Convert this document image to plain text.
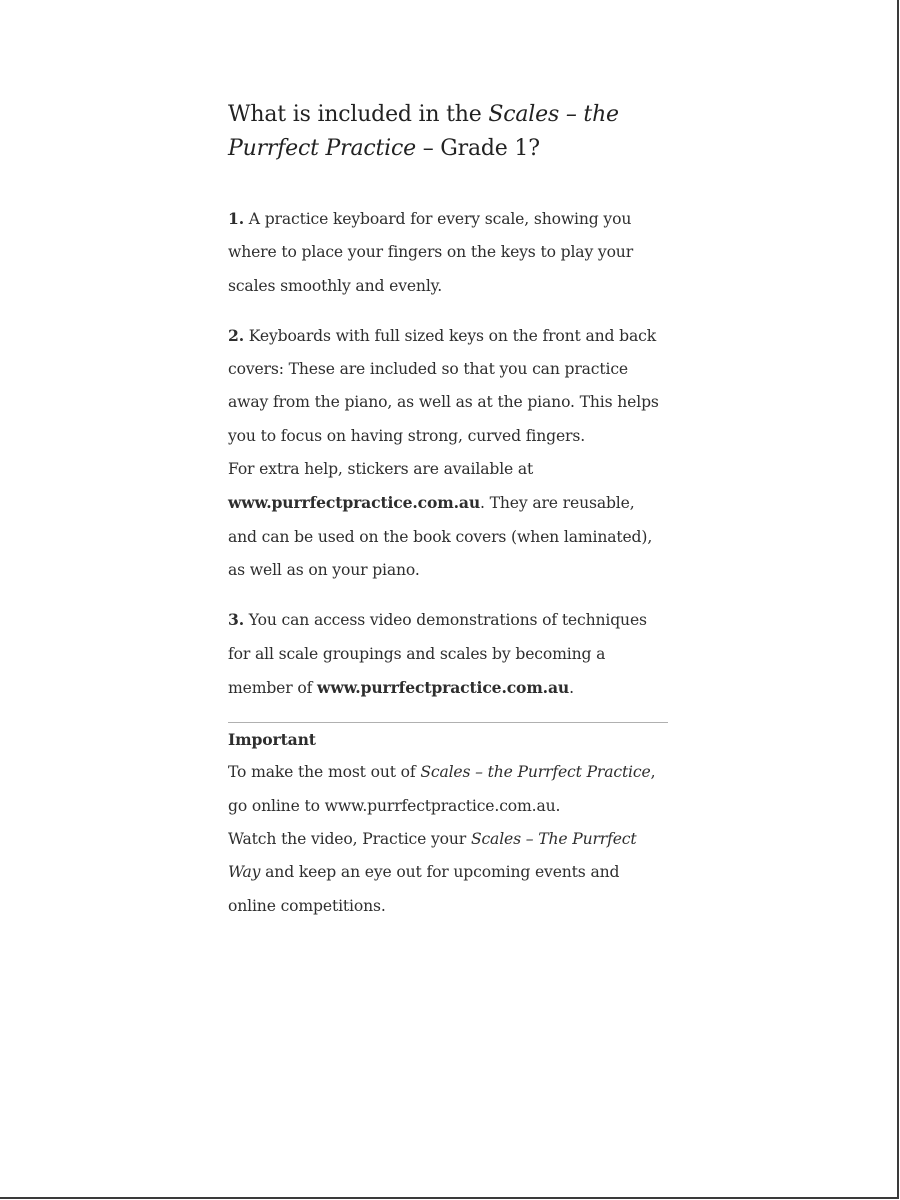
What is included in the Scales – the Purrfect Practice – Grade 1?

1. A practice keyboard for every scale, showing you where to place your fingers on the keys to play your scales smoothly and evenly.

2. Keyboards with full sized keys on the front and back covers: These are included so that you can practice away from the piano, as well as at the piano. This helps you to focus on having strong, curved fingers.
For extra help, stickers are available at www.purrfectpractice.com.au. They are reusable, and can be used on the book covers (when laminated), as well as on your piano.

3. You can access video demonstrations of techniques for all scale groupings and scales by becoming a member of www.purrfectpractice.com.au.

Important
To make the most out of Scales – the Purrfect Practice, go online to www.purrfectpractice.com.au.
Watch the video, Practice your Scales – The Purrfect Way and keep an eye out for upcoming events and online competitions.
